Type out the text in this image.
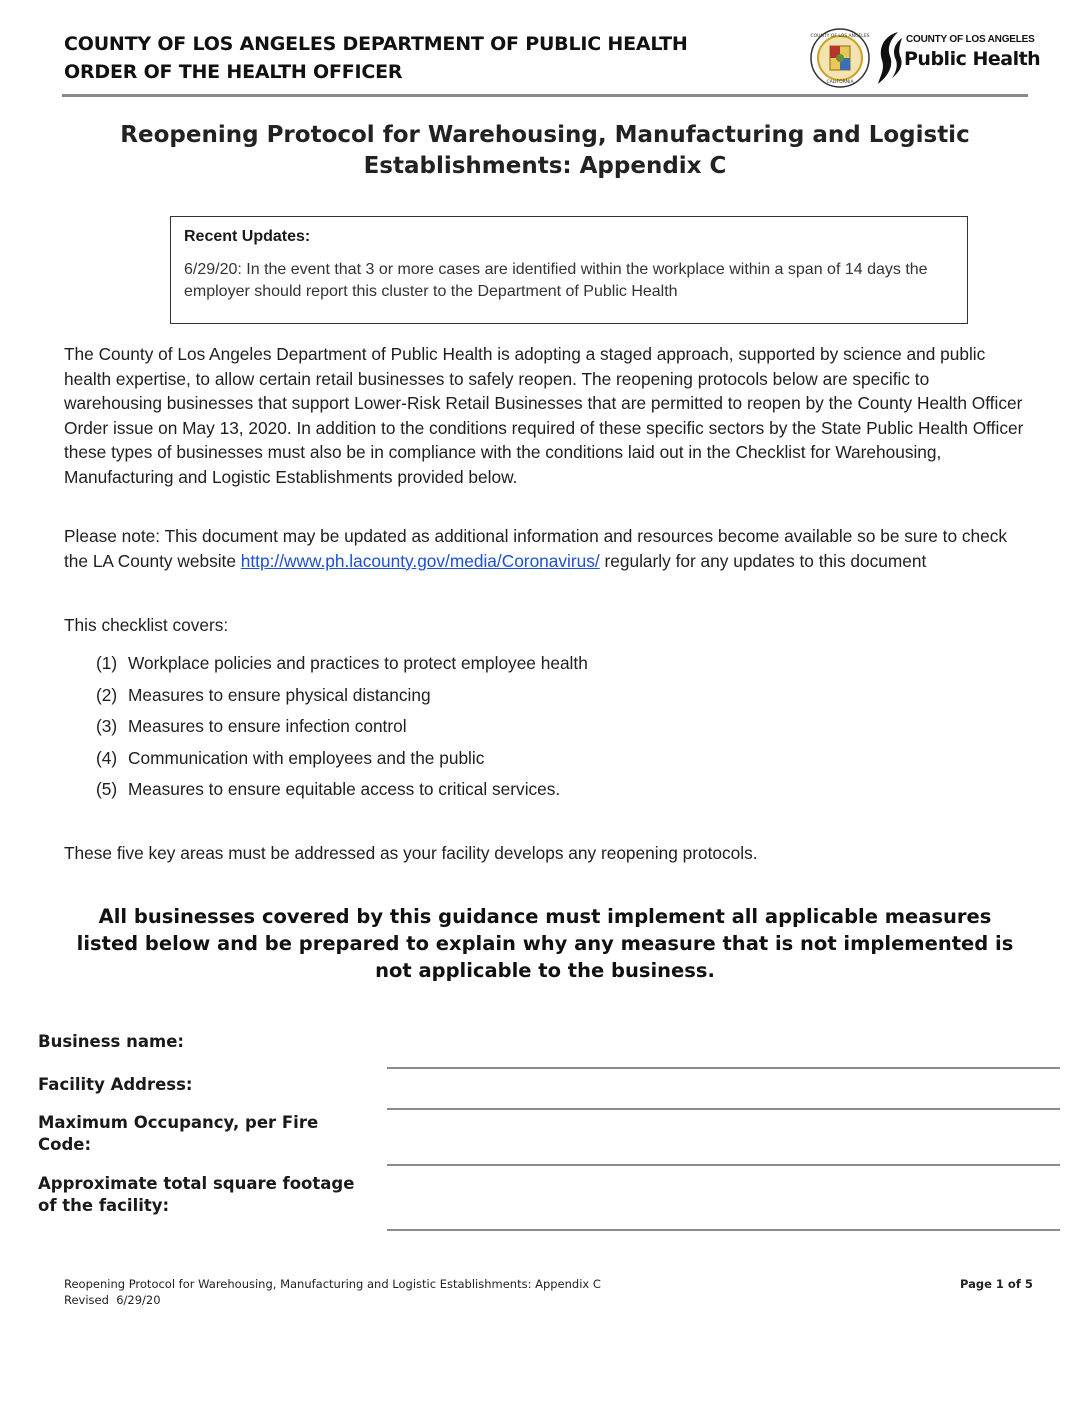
COUNTY OF LOS ANGELES DEPARTMENT OF PUBLIC HEALTH
ORDER OF THE HEALTH OFFICER
COUNTY OF LOS ANGELES
CALIFORNIA
COUNTY OF LOS ANGELES
Public Health
Reopening Protocol for Warehousing, Manufacturing and Logistic
Establishments: Appendix C
Recent Updates:
6/29/20: In the event that 3 or more cases are identified within the workplace within a span of 14 days the employer should report this cluster to the Department of Public Health
The County of Los Angeles Department of Public Health is adopting a staged approach, supported by science and public health expertise, to allow certain retail businesses to safely reopen. The reopening protocols below are specific to warehousing businesses that support Lower-Risk Retail Businesses that are permitted to reopen by the County Health Officer Order issue on May 13, 2020. In addition to the conditions required of these specific sectors by the State Public Health Officer these types of businesses must also be in compliance with the conditions laid out in the Checklist for Warehousing, Manufacturing and Logistic Establishments provided below.
Please note: This document may be updated as additional information and resources become available so be sure to check the LA County website http://www.ph.lacounty.gov/media/Coronavirus/ regularly for any updates to this document
This checklist covers:
(1) Workplace policies and practices to protect employee health
(2) Measures to ensure physical distancing
(3) Measures to ensure infection control
(4) Communication with employees and the public
(5) Measures to ensure equitable access to critical services.
These five key areas must be addressed as your facility develops any reopening protocols.
All businesses covered by this guidance must implement all applicable measures
listed below and be prepared to explain why any measure that is not implemented is
not applicable to the business.
Business name:
Facility Address:
Maximum Occupancy, per Fire
Code:
Approximate total square footage
of the facility:
Reopening Protocol for Warehousing, Manufacturing and Logistic Establishments: Appendix C
Revised  6/29/20
Page 1 of 5
